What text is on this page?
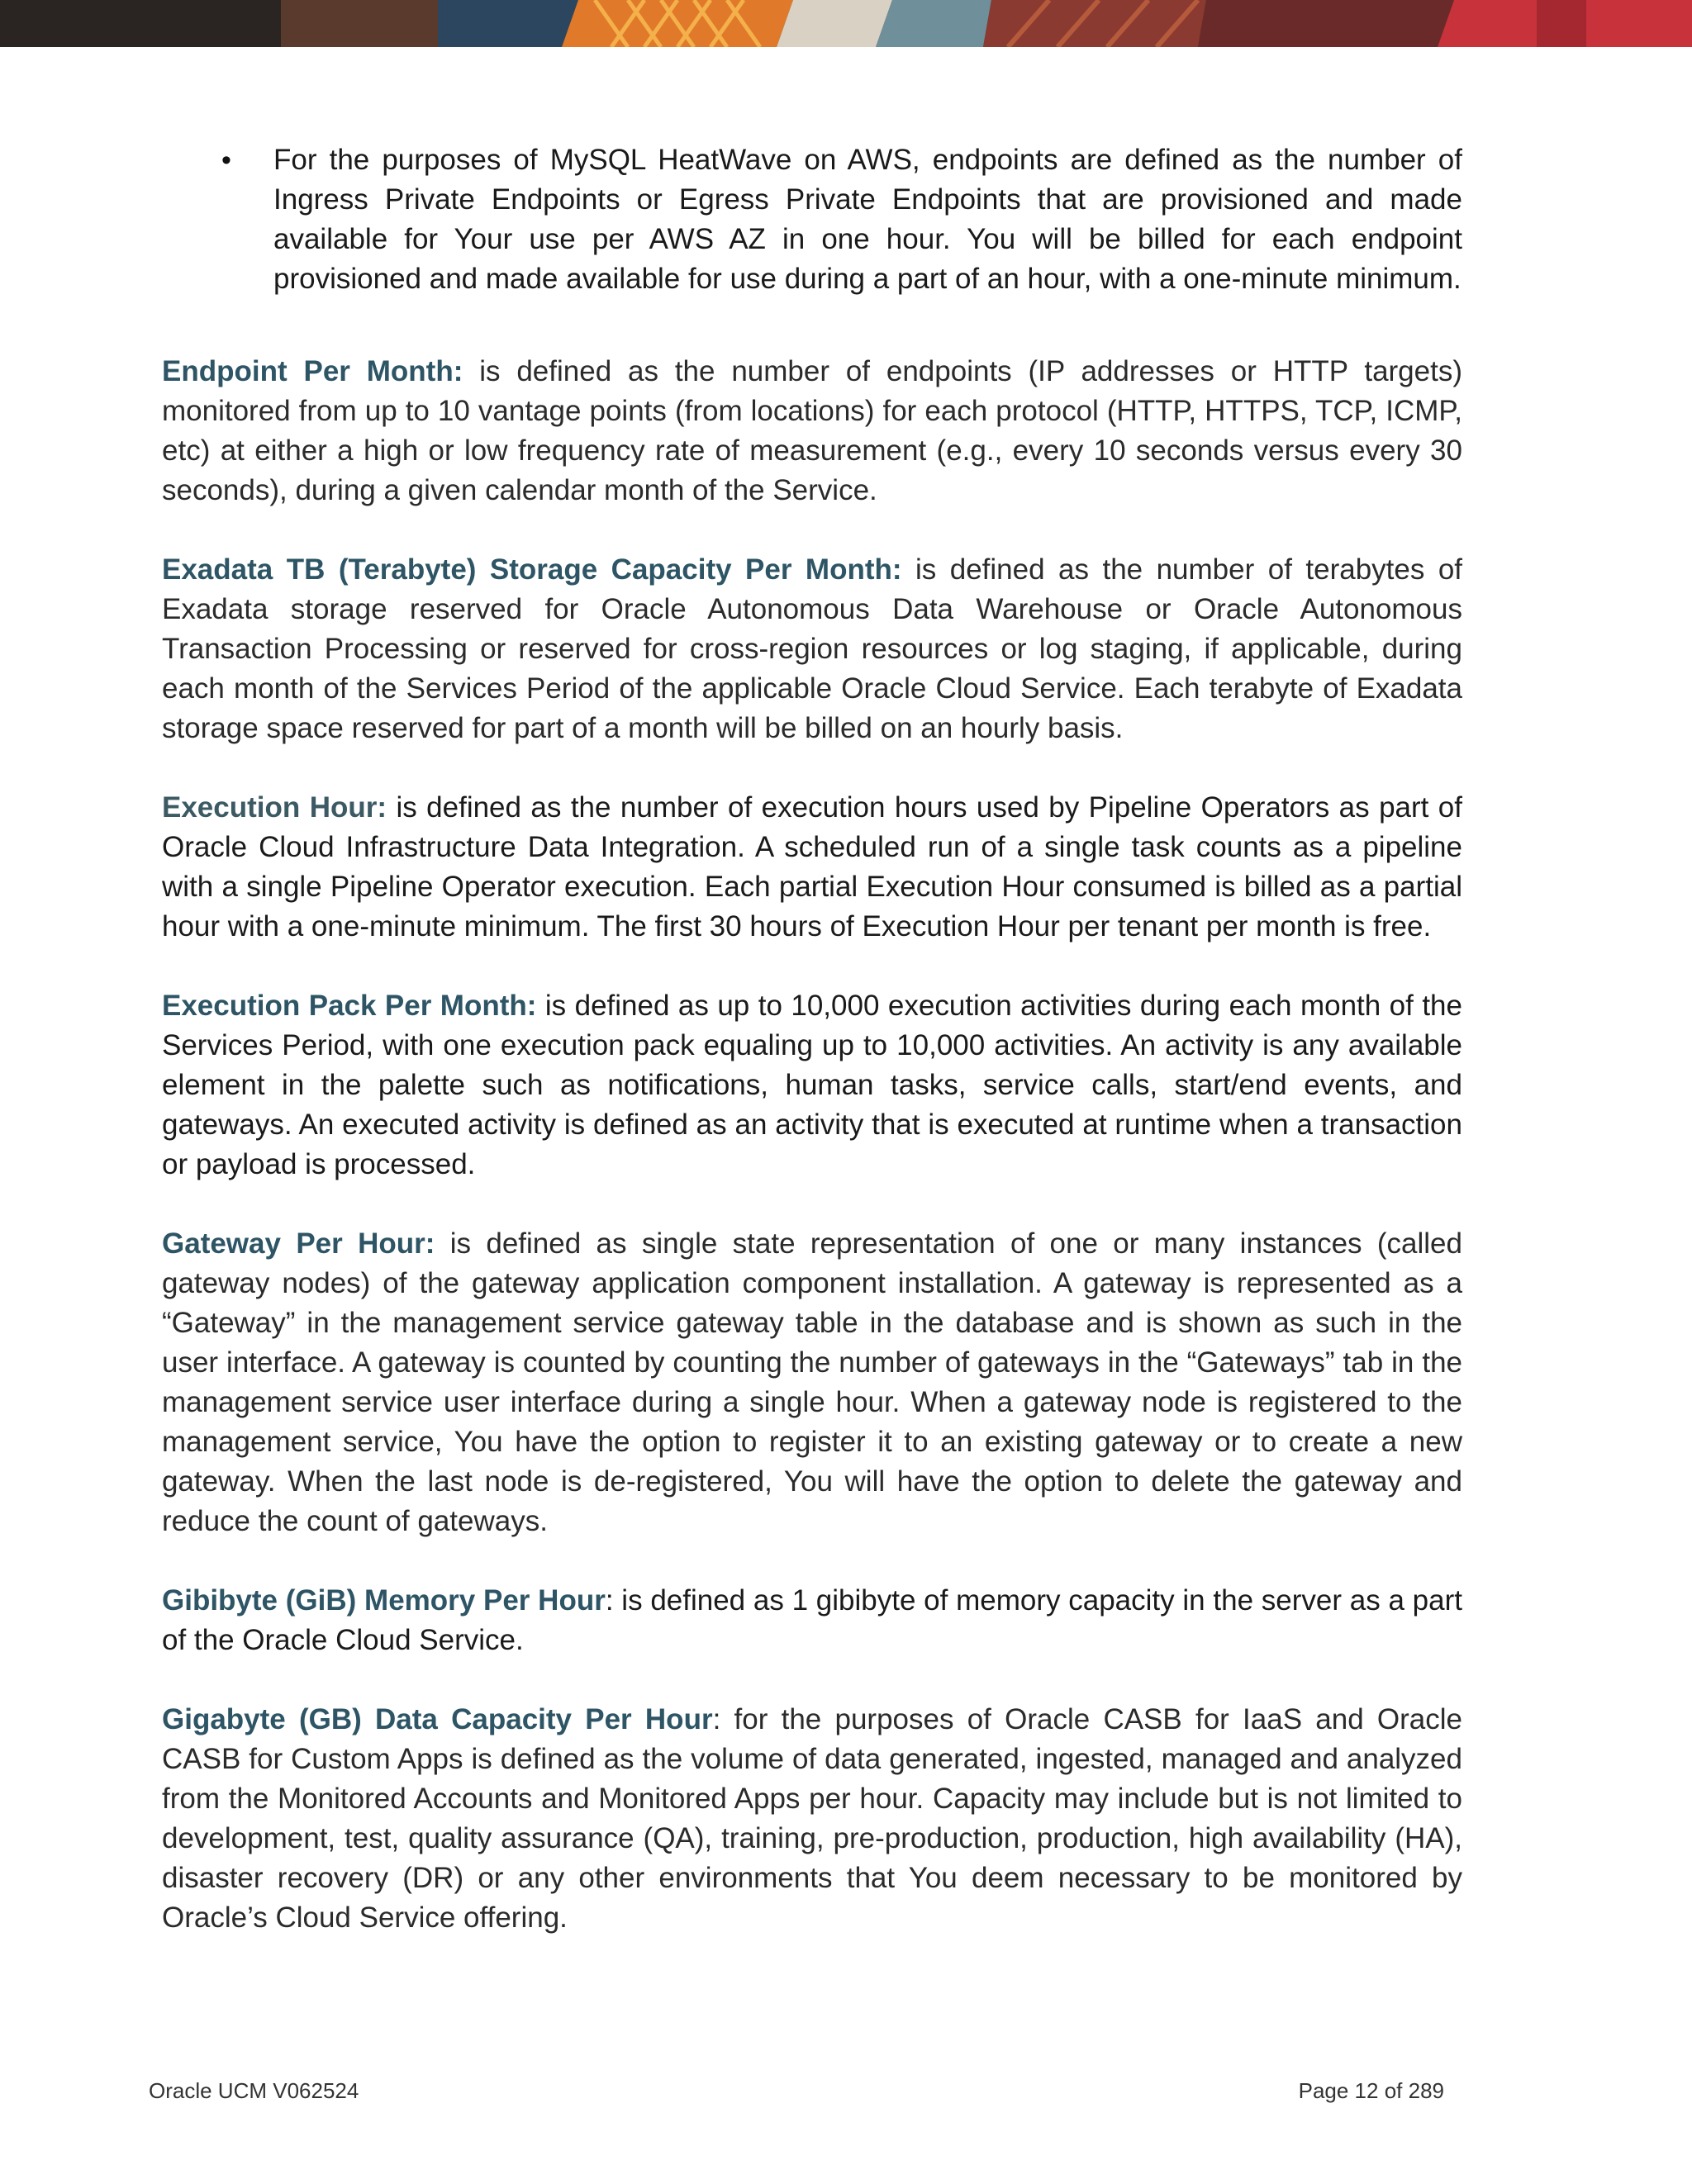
• For the purposes of MySQL HeatWave on AWS, endpoints are defined as the number of Ingress Private Endpoints or Egress Private Endpoints that are provisioned and made available for Your use per AWS AZ in one hour. You will be billed for each endpoint provisioned and made available for use during a part of an hour, with a one-minute minimum.

Endpoint Per Month: is defined as the number of endpoints (IP addresses or HTTP targets) monitored from up to 10 vantage points (from locations) for each protocol (HTTP, HTTPS, TCP, ICMP, etc) at either a high or low frequency rate of measurement (e.g., every 10 seconds versus every 30 seconds), during a given calendar month of the Service.

Exadata TB (Terabyte) Storage Capacity Per Month: is defined as the number of terabytes of Exadata storage reserved for Oracle Autonomous Data Warehouse or Oracle Autonomous Transaction Processing or reserved for cross-region resources or log staging, if applicable, during each month of the Services Period of the applicable Oracle Cloud Service. Each terabyte of Exadata storage space reserved for part of a month will be billed on an hourly basis.

Execution Hour: is defined as the number of execution hours used by Pipeline Operators as part of Oracle Cloud Infrastructure Data Integration. A scheduled run of a single task counts as a pipeline with a single Pipeline Operator execution. Each partial Execution Hour consumed is billed as a partial hour with a one-minute minimum. The first 30 hours of Execution Hour per tenant per month is free.

Execution Pack Per Month: is defined as up to 10,000 execution activities during each month of the Services Period, with one execution pack equaling up to 10,000 activities. An activity is any available element in the palette such as notifications, human tasks, service calls, start/end events, and gateways. An executed activity is defined as an activity that is executed at runtime when a transaction or payload is processed.

Gateway Per Hour: is defined as single state representation of one or many instances (called gateway nodes) of the gateway application component installation. A gateway is represented as a “Gateway” in the management service gateway table in the database and is shown as such in the user interface. A gateway is counted by counting the number of gateways in the “Gateways” tab in the management service user interface during a single hour. When a gateway node is registered to the management service, You have the option to register it to an existing gateway or to create a new gateway. When the last node is de-registered, You will have the option to delete the gateway and reduce the count of gateways.

Gibibyte (GiB) Memory Per Hour: is defined as 1 gibibyte of memory capacity in the server as a part of the Oracle Cloud Service.

Gigabyte (GB) Data Capacity Per Hour: for the purposes of Oracle CASB for IaaS and Oracle CASB for Custom Apps is defined as the volume of data generated, ingested, managed and analyzed from the Monitored Accounts and Monitored Apps per hour. Capacity may include but is not limited to development, test, quality assurance (QA), training, pre-production, production, high availability (HA), disaster recovery (DR) or any other environments that You deem necessary to be monitored by Oracle’s Cloud Service offering.

Oracle UCM V062524	Page 12 of 289
